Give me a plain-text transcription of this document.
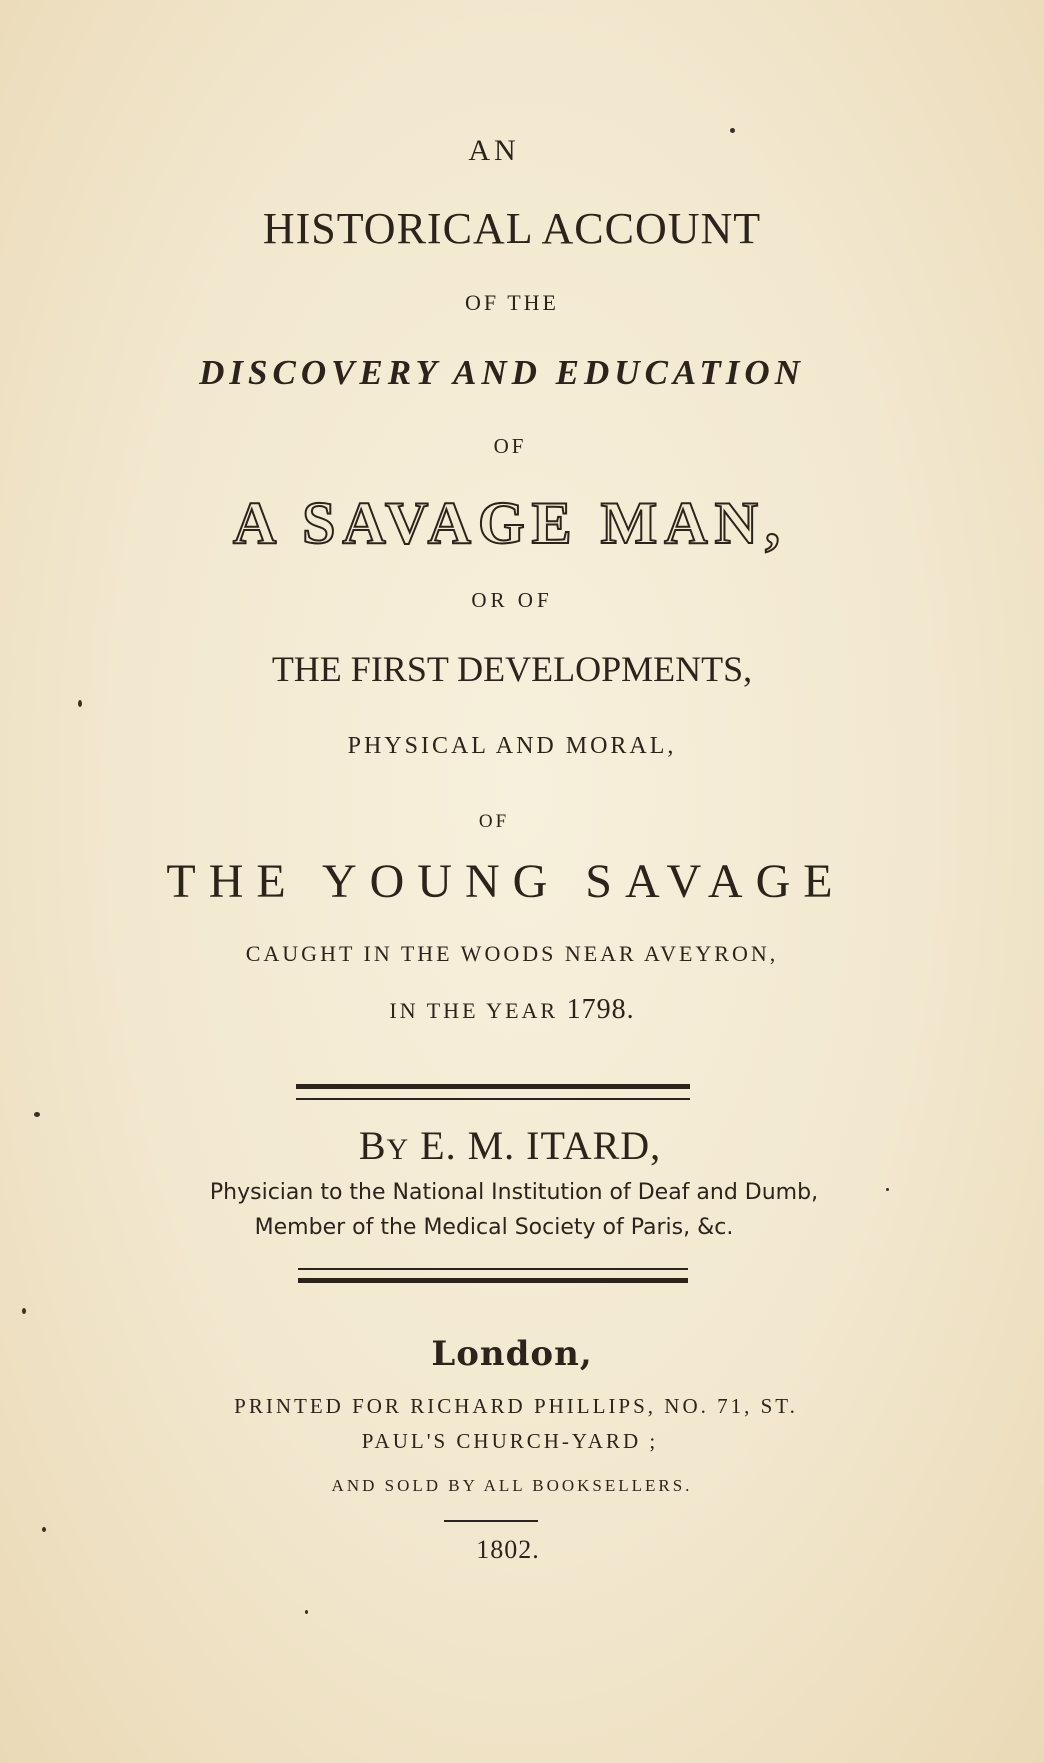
AN
HISTORICAL ACCOUNT
OF THE
DISCOVERY AND EDUCATION
OF
A SAVAGE MAN,
OR OF
THE FIRST DEVELOPMENTS,
PHYSICAL AND MORAL,
OF
THE YOUNG SAVAGE
CAUGHT IN THE WOODS NEAR AVEYRON,
IN THE YEAR 1798.
BY E. M. ITARD,
Physician to the National Institution of Deaf and Dumb,
Member of the Medical Society of Paris, &c.
London,
PRINTED FOR RICHARD PHILLIPS, NO. 71, ST.
PAUL'S CHURCH-YARD ;
AND SOLD BY ALL BOOKSELLERS.
1802.
